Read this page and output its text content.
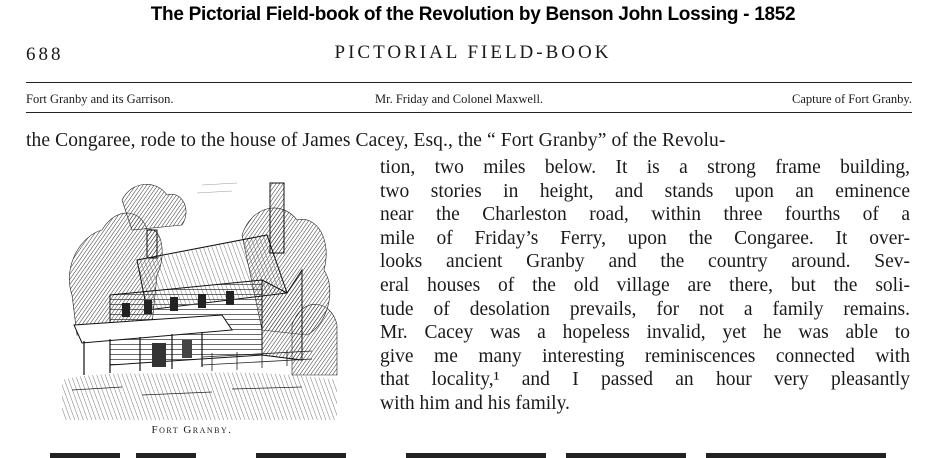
The Pictorial Field-book of the Revolution by Benson John Lossing - 1852
688	PICTORIAL FIELD-BOOK
Fort Granby and its Garrison.	Mr. Friday and Colonel Maxwell.	Capture of Fort Granby.
the Congaree, rode to the house of James Cacey, Esq., the “ Fort Granby” of the Revolu-
tion, two miles below. It is a strong frame building,
two stories in height, and stands upon an eminence
near the Charleston road, within three fourths of a
mile of Friday’s Ferry, upon the Congaree. It over-
looks ancient Granby and the country around. Sev-
eral houses of the old village are there, but the soli-
tude of desolation prevails, for not a family remains.
Mr. Cacey was a hopeless invalid, yet he was able to
give me many interesting reminiscences connected with
that locality,¹ and I passed an hour very pleasantly
with him and his family.
Fort Granby.
